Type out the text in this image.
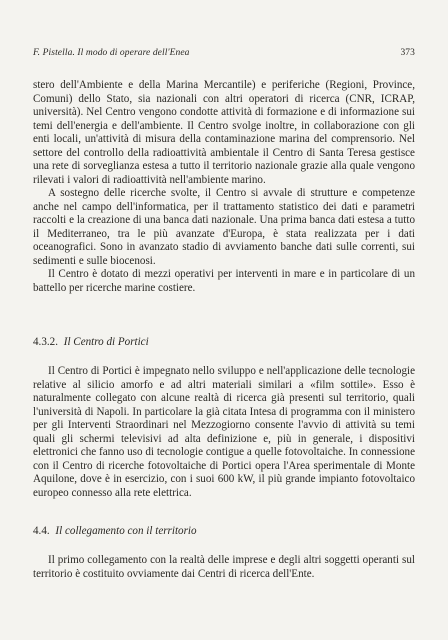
F. Pistella. Il modo di operare dell'Enea	373

stero dell'Ambiente e della Marina Mercantile) e periferiche (Regioni, Province, Comuni) dello Stato, sia nazionali con altri operatori di ricerca (CNR, ICRAP, università). Nel Centro vengono condotte attività di formazione e di informazione sui temi dell'energia e dell'ambiente. Il Centro svolge inoltre, in collaborazione con gli enti locali, un'attività di misura della contaminazione marina del comprensorio. Nel settore del controllo della radioattività ambientale il Centro di Santa Teresa gestisce una rete di sorveglianza estesa a tutto il territorio nazionale grazie alla quale vengono rilevati i valori di radioattività nell'ambiente marino.

A sostegno delle ricerche svolte, il Centro si avvale di strutture e competenze anche nel campo dell'informatica, per il trattamento statistico dei dati e parametri raccolti e la creazione di una banca dati nazionale. Una prima banca dati estesa a tutto il Mediterraneo, tra le più avanzate d'Europa, è stata realizzata per i dati oceanografici. Sono in avanzato stadio di avviamento banche dati sulle correnti, sui sedimenti e sulle biocenosi.

Il Centro è dotato di mezzi operativi per interventi in mare e in particolare di un battello per ricerche marine costiere.

4.3.2. Il Centro di Portici

Il Centro di Portici è impegnato nello sviluppo e nell'applicazione delle tecnologie relative al silicio amorfo e ad altri materiali similari a «film sottile». Esso è naturalmente collegato con alcune realtà di ricerca già presenti sul territorio, quali l'università di Napoli. In particolare la già citata Intesa di programma con il ministero per gli Interventi Straordinari nel Mezzogiorno consente l'avvio di attività su temi quali gli schermi televisivi ad alta definizione e, più in generale, i dispositivi elettronici che fanno uso di tecnologie contigue a quelle fotovoltaiche. In connessione con il Centro di ricerche fotovoltaiche di Portici opera l'Area sperimentale di Monte Aquilone, dove è in esercizio, con i suoi 600 kW, il più grande impianto fotovoltaico europeo connesso alla rete elettrica.

4.4. Il collegamento con il territorio

Il primo collegamento con la realtà delle imprese e degli altri soggetti operanti sul territorio è costituito ovviamente dai Centri di ricerca dell'Ente.
